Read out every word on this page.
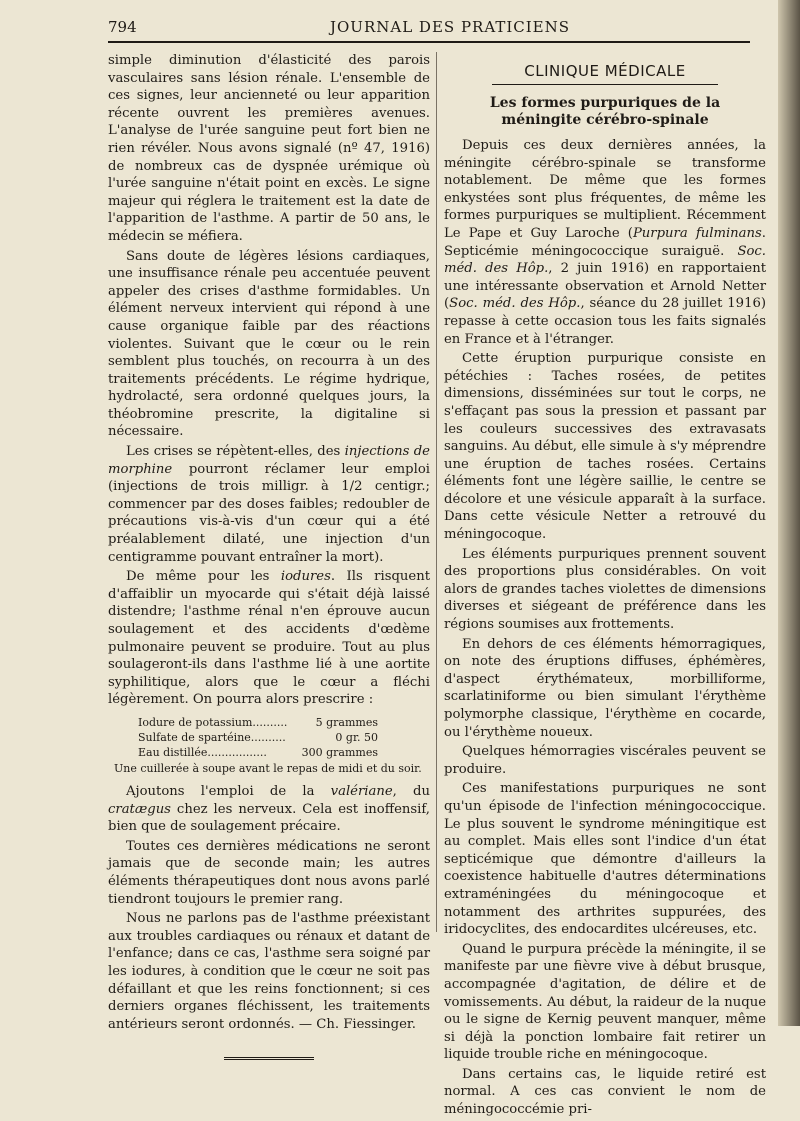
794	JOURNAL DES PRATICIENS

simple diminution d'élasticité des parois vasculaires sans lésion rénale. L'ensemble de ces signes, leur ancienneté ou leur apparition récente ouvrent les premières avenues. L'analyse de l'urée sanguine peut fort bien ne rien révéler. Nous avons signalé (nº 47, 1916) de nombreux cas de dyspnée urémique où l'urée sanguine n'était point en excès. Le signe majeur qui réglera le traitement est la date de l'apparition de l'asthme. A partir de 50 ans, le médecin se méfiera.

Sans doute de légères lésions cardiaques, une insuffisance rénale peu accentuée peuvent appeler des crises d'asthme formidables. Un élément nerveux intervient qui répond à une cause organique faible par des réactions violentes. Suivant que le cœur ou le rein semblent plus touchés, on recourra à un des traitements précédents. Le régime hydrique, hydrolacté, sera ordonné quelques jours, la théobromine prescrite, la digitaline si nécessaire.

Les crises se répètent-elles, des injections de morphine pourront réclamer leur emploi (injections de trois milligr. à 1/2 centigr.; commencer par des doses faibles; redoubler de précautions vis-à-vis d'un cœur qui a été préalablement dilaté, une injection d'un centigramme pouvant entraîner la mort).

De même pour les iodures. Ils risquent d'affaiblir un myocarde qui s'était déjà laissé distendre; l'asthme rénal n'en éprouve aucun soulagement et des accidents d'œdème pulmonaire peuvent se produire. Tout au plus soulageront-ils dans l'asthme lié à une aortite syphilitique, alors que le cœur a fléchi légèrement. On pourra alors prescrire :

Iodure de potassium..........	5 grammes
Sulfate de spartéine..........	0 gr. 50
Eau distillée.................	300 grammes
Une cuillerée à soupe avant le repas de midi et du soir.

Ajoutons l'emploi de la valériane, du cratægus chez les nerveux. Cela est inoffensif, bien que de soulagement précaire.

Toutes ces dernières médications ne seront jamais que de seconde main; les autres éléments thérapeutiques dont nous avons parlé tiendront toujours le premier rang.

Nous ne parlons pas de l'asthme préexistant aux troubles cardiaques ou rénaux et datant de l'enfance; dans ce cas, l'asthme sera soigné par les iodures, à condition que le cœur ne soit pas défaillant et que les reins fonctionnent; si ces derniers organes fléchissent, les traitements antérieurs seront ordonnés. — Ch. Fiessinger.

CLINIQUE MÉDICALE
Les formes purpuriques de la méningite cérébro-spinale

Depuis ces deux dernières années, la méningite cérébro-spinale se transforme notablement. De même que les formes enkystées sont plus fréquentes, de même les formes purpuriques se multiplient. Récemment Le Pape et Guy Laroche (Purpura fulminans. Septicémie méningococcique suraiguë. Soc. méd. des Hôp., 2 juin 1916) en rapportaient une intéressante observation et Arnold Netter (Soc. méd. des Hôp., séance du 28 juillet 1916) repasse à cette occasion tous les faits signalés en France et à l'étranger.

Cette éruption purpurique consiste en pétéchies : Taches rosées, de petites dimensions, disséminées sur tout le corps, ne s'effaçant pas sous la pression et passant par les couleurs successives des extravasats sanguins. Au début, elle simule à s'y méprendre une éruption de taches rosées. Certains éléments font une légère saillie, le centre se décolore et une vésicule apparaît à la surface. Dans cette vésicule Netter a retrouvé du méningocoque.

Les éléments purpuriques prennent souvent des proportions plus considérables. On voit alors de grandes taches violettes de dimensions diverses et siégeant de préférence dans les régions soumises aux frottements.

En dehors de ces éléments hémorragiques, on note des éruptions diffuses, éphémères, d'aspect érythémateux, morbilliforme, scarlatiniforme ou bien simulant l'érythème polymorphe classique, l'érythème en cocarde, ou l'érythème noueux.

Quelques hémorragies viscérales peuvent se produire.

Ces manifestations purpuriques ne sont qu'un épisode de l'infection méningococcique. Le plus souvent le syndrome méningitique est au complet. Mais elles sont l'indice d'un état septicémique que démontre d'ailleurs la coexistence habituelle d'autres déterminations extraméningées du méningocoque et notamment des arthrites suppurées, des iridocyclites, des endocardites ulcéreuses, etc.

Quand le purpura précède la méningite, il se manifeste par une fièvre vive à début brusque, accompagnée d'agitation, de délire et de vomissements. Au début, la raideur de la nuque ou le signe de Kernig peuvent manquer, même si déjà la ponction lombaire fait retirer un liquide trouble riche en méningocoque.

Dans certains cas, le liquide retiré est normal. A ces cas convient le nom de méningococcémie pri-
